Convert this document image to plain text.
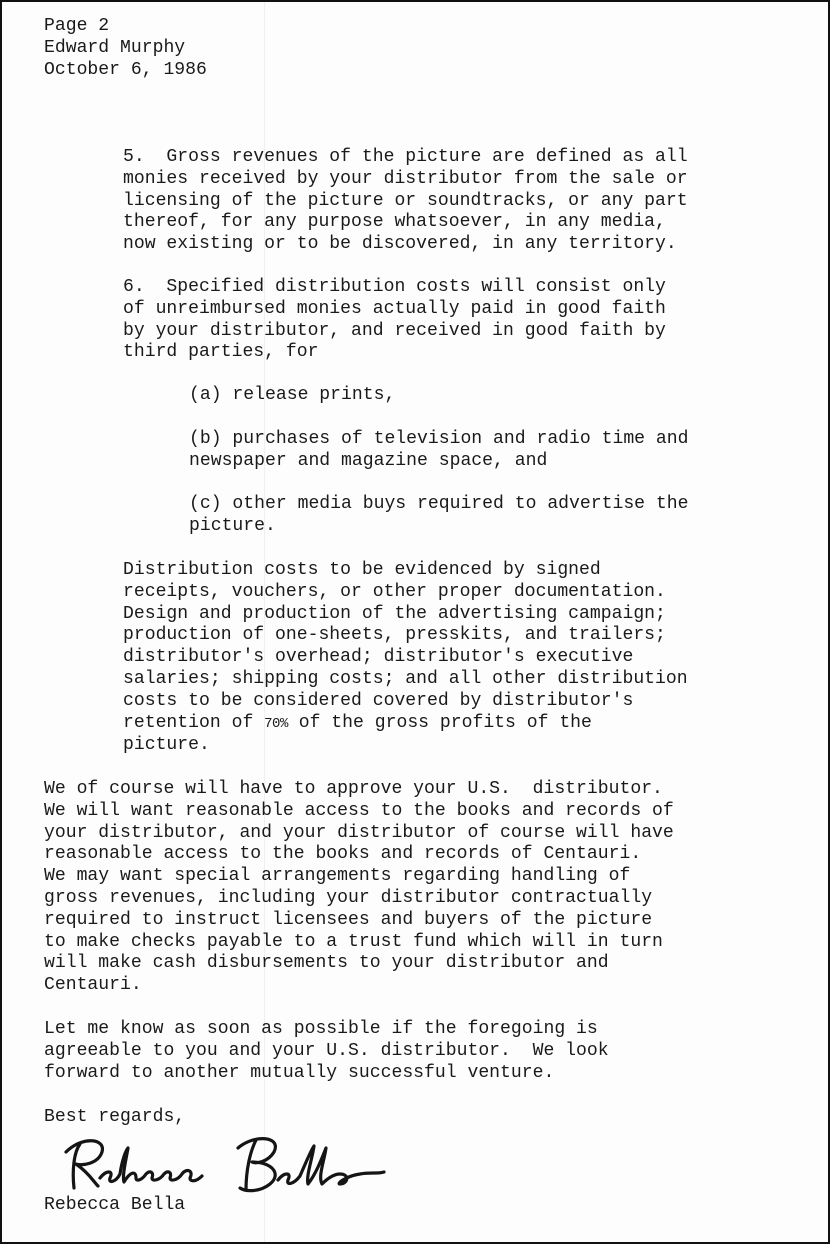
Page 2
Edward Murphy
October 6, 1986
5.  Gross revenues of the picture are defined as all
monies received by your distributor from the sale or
licensing of the picture or soundtracks, or any part
thereof, for any purpose whatsoever, in any media,
now existing or to be discovered, in any territory.
6.  Specified distribution costs will consist only
of unreimbursed monies actually paid in good faith
by your distributor, and received in good faith by
third parties, for
(a) release prints,
(b) purchases of television and radio time and
newspaper and magazine space, and
(c) other media buys required to advertise the
picture.
Distribution costs to be evidenced by signed
receipts, vouchers, or other proper documentation.
Design and production of the advertising campaign;
production of one-sheets, presskits, and trailers;
distributor's overhead; distributor's executive
salaries; shipping costs; and all other distribution
costs to be considered covered by distributor's
retention of 70% of the gross profits of the
picture.
We of course will have to approve your U.S.  distributor.
We will want reasonable access to the books and records of
your distributor, and your distributor of course will have
reasonable access to the books and records of Centauri.
We may want special arrangements regarding handling of
gross revenues, including your distributor contractually
required to instruct licensees and buyers of the picture
to make checks payable to a trust fund which will in turn
will make cash disbursements to your distributor and
Centauri.
Let me know as soon as possible if the foregoing is
agreeable to you and your U.S. distributor.  We look
forward to another mutually successful venture.
Best regards,
Rebecca Bella
